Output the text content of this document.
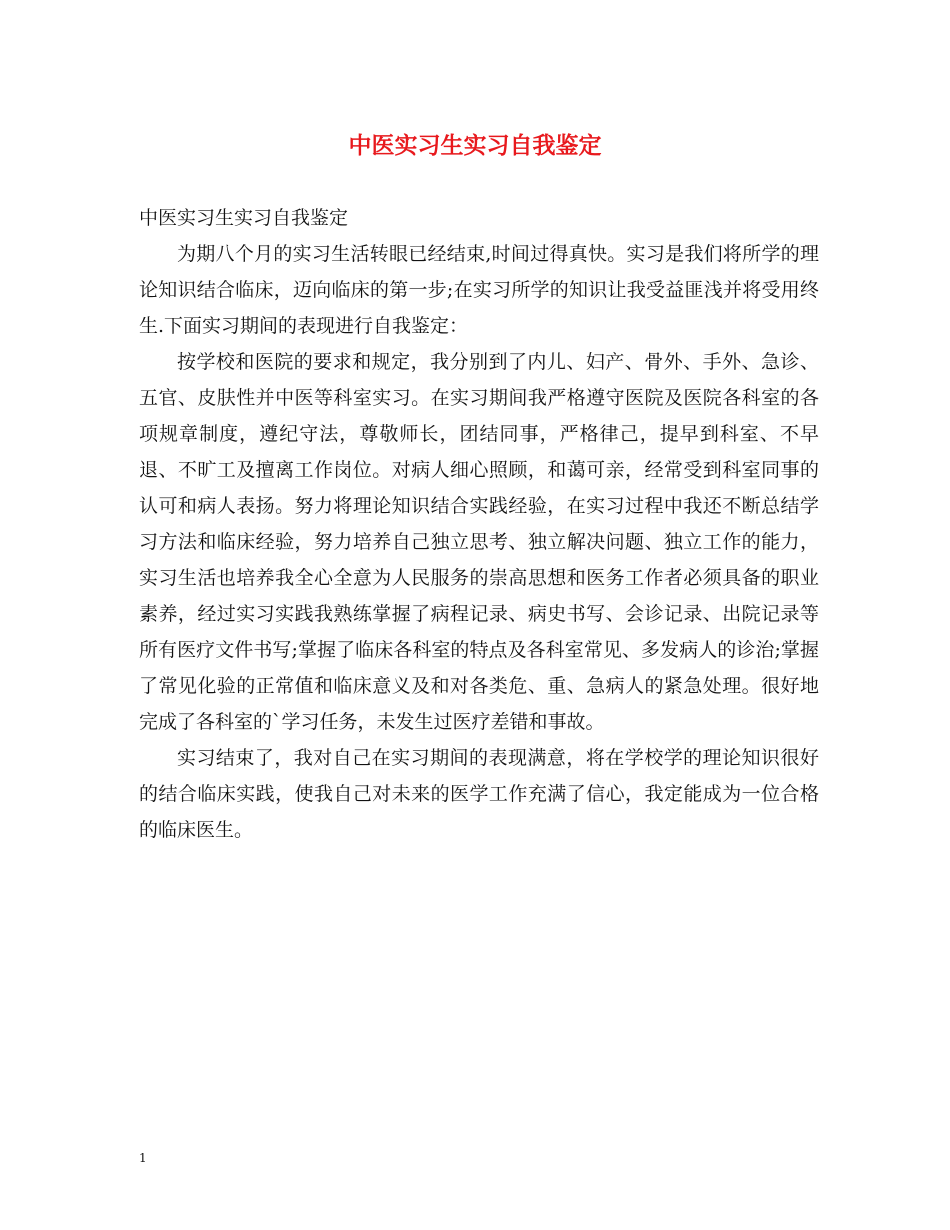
中医实习生实习自我鉴定

中医实习生实习自我鉴定

为期八个月的实习生活转眼已经结束,时间过得真快。实习是我们将所学的理论知识结合临床，迈向临床的第一步;在实习所学的知识让我受益匪浅并将受用终生.下面实习期间的表现进行自我鉴定：

按学校和医院的要求和规定，我分别到了内儿、妇产、骨外、手外、急诊、五官、皮肤性并中医等科室实习。在实习期间我严格遵守医院及医院各科室的各项规章制度，遵纪守法，尊敬师长，团结同事，严格律己，提早到科室、不早退、不旷工及擅离工作岗位。对病人细心照顾，和蔼可亲，经常受到科室同事的认可和病人表扬。努力将理论知识结合实践经验，在实习过程中我还不断总结学习方法和临床经验，努力培养自己独立思考、独立解决问题、独立工作的能力，实习生活也培养我全心全意为人民服务的崇高思想和医务工作者必须具备的职业素养，经过实习实践我熟练掌握了病程记录、病史书写、会诊记录、出院记录等所有医疗文件书写;掌握了临床各科室的特点及各科室常见、多发病人的诊治;掌握了常见化验的正常值和临床意义及和对各类危、重、急病人的紧急处理。很好地完成了各科室的`学习任务，未发生过医疗差错和事故。

实习结束了，我对自己在实习期间的表现满意，将在学校学的理论知识很好的结合临床实践，使我自己对未来的医学工作充满了信心，我定能成为一位合格的临床医生。

1
